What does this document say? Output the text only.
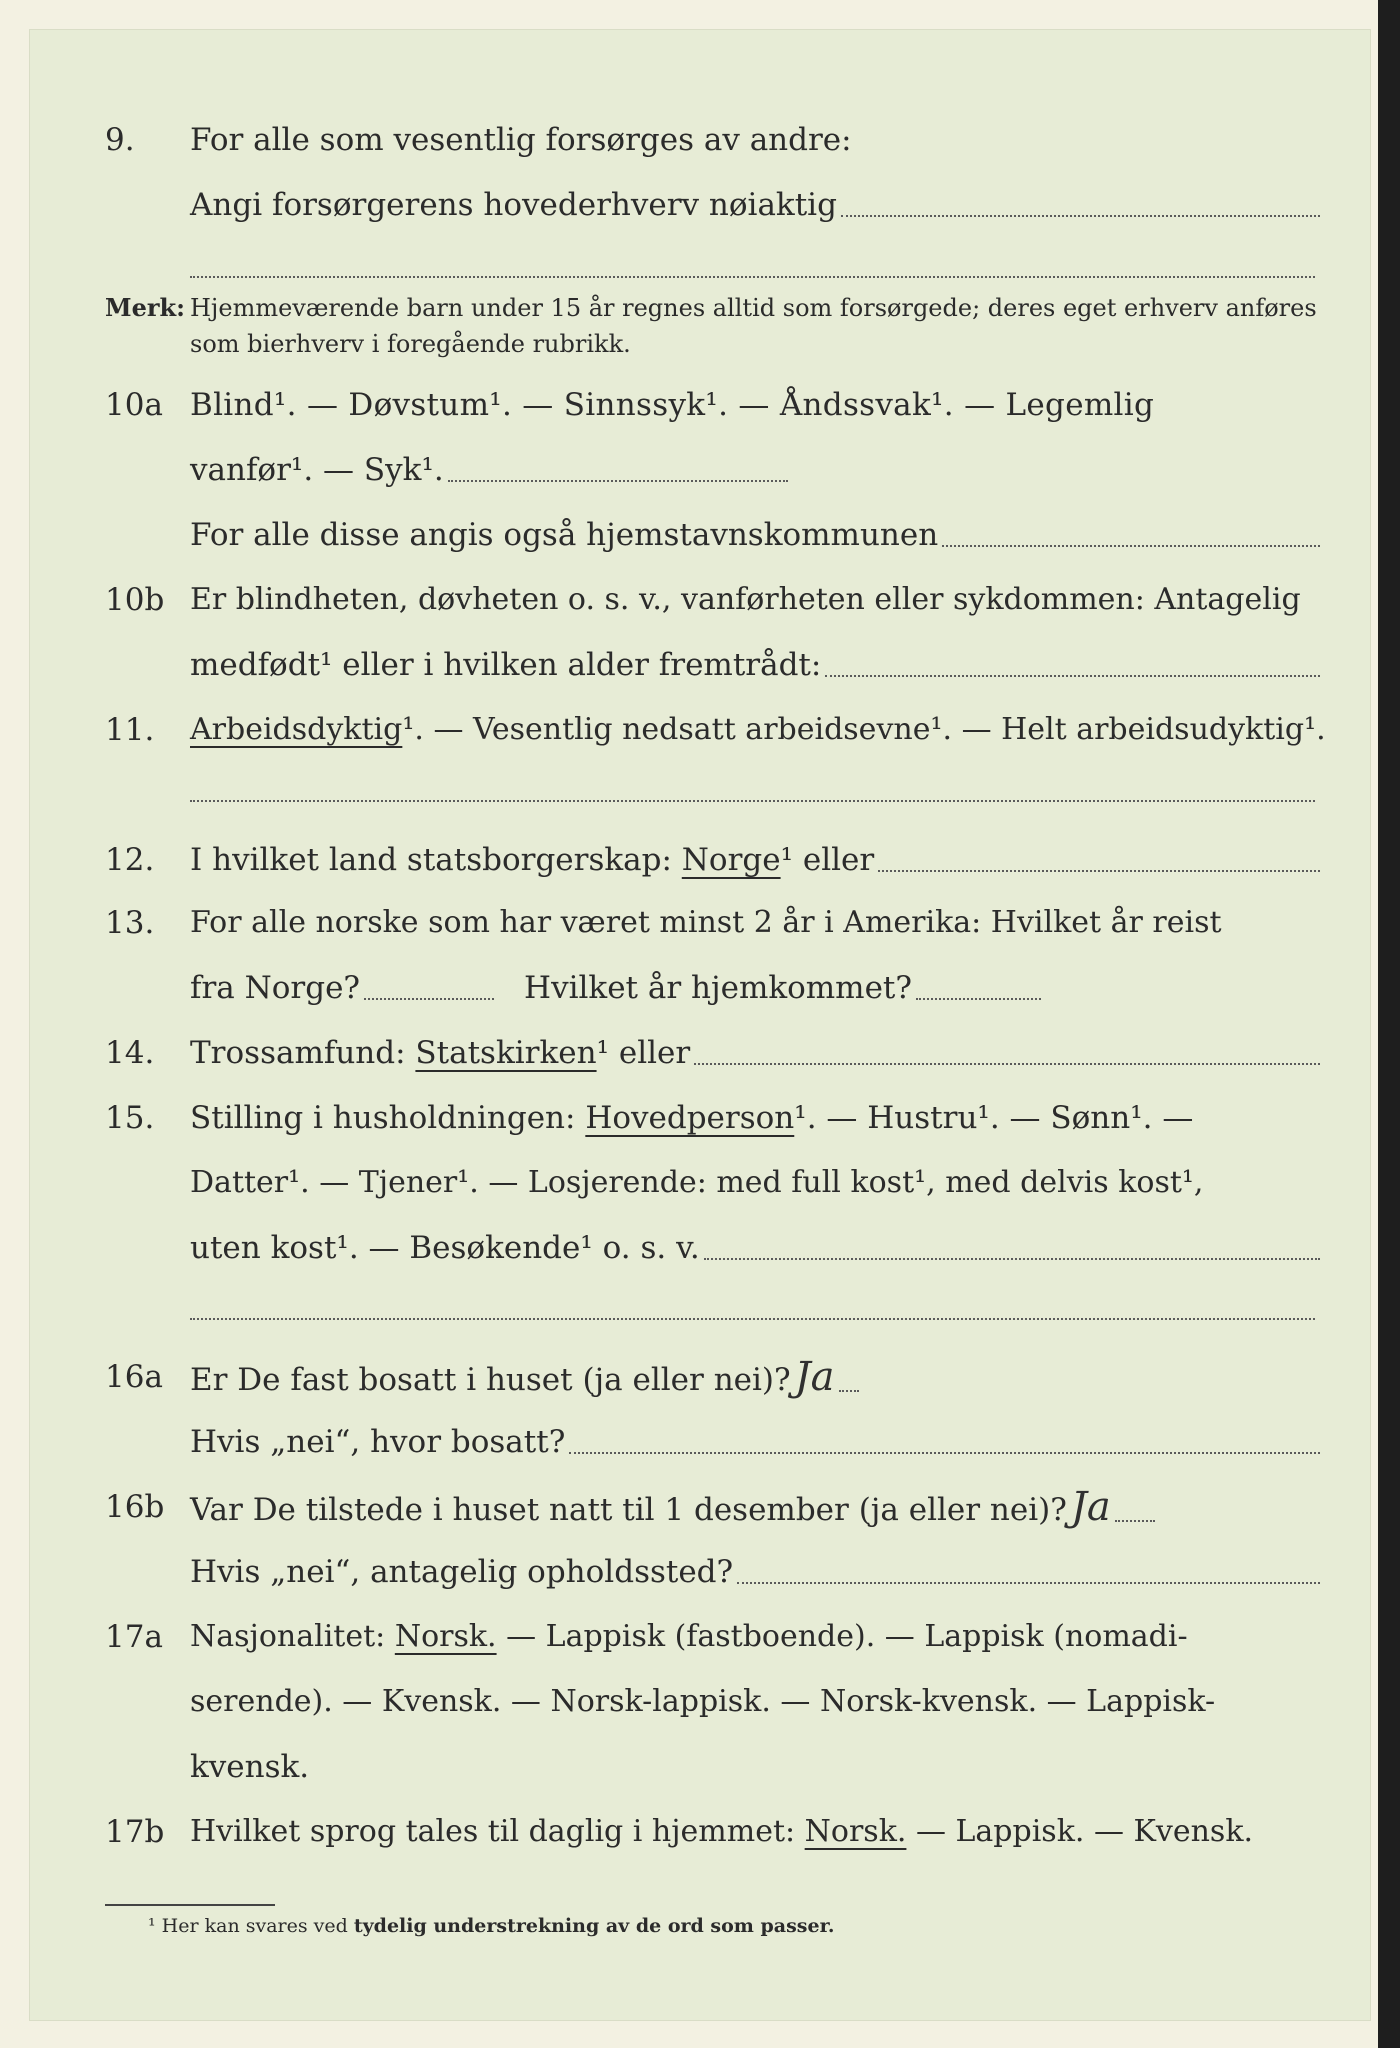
9.	For alle som vesentlig forsørges av andre:
Angi forsørgerens hovederhverv nøiaktig
Merk: Hjemmeværende barn under 15 år regnes alltid som forsørgede; deres eget erhverv anføres som bierhverv i foregående rubrikk.
10a Blind¹. — Døvstum¹. — Sinnssyk¹. — Åndssvak¹. — Legemlig
vanfør¹. — Syk¹.
For alle disse angis også hjemstavnskommunen
10b Er blindheten, døvheten o. s. v., vanførheten eller sykdommen: Antagelig
medfødt¹ eller i hvilken alder fremtrådt:
11.	Arbeidsdyktig ¹. — Vesentlig nedsatt arbeidsevne¹. — Helt arbeidsudyktig¹.
12.	I hvilket land statsborgerskap: Norge ¹ eller
13.	For alle norske som har været minst 2 år i Amerika: Hvilket år reist
fra Norge?	Hvilket år hjemkommet?
14.	Trossamfund: Statskirken ¹ eller
15.	Stilling i husholdningen: Hovedperson ¹. — Hustru¹. — Sønn¹. —
Datter¹. — Tjener¹. — Losjerende: med full kost¹, med delvis kost¹,
uten kost¹. — Besøkende¹ o. s. v.
16a Er De fast bosatt i huset (ja eller nei)? Ja
Hvis „nei“, hvor bosatt?
16b Var De tilstede i huset natt til 1 desember (ja eller nei)? Ja
Hvis „nei“, antagelig opholdssted?
17a Nasjonalitet: Norsk. — Lappisk (fastboende). — Lappisk (nomadi-
serende). — Kvensk. — Norsk-lappisk. — Norsk-kvensk. — Lappisk-
kvensk.
17b Hvilket sprog tales til daglig i hjemmet: Norsk. — Lappisk. — Kvensk.
¹ Her kan svares ved tydelig understrekning av de ord som passer.
